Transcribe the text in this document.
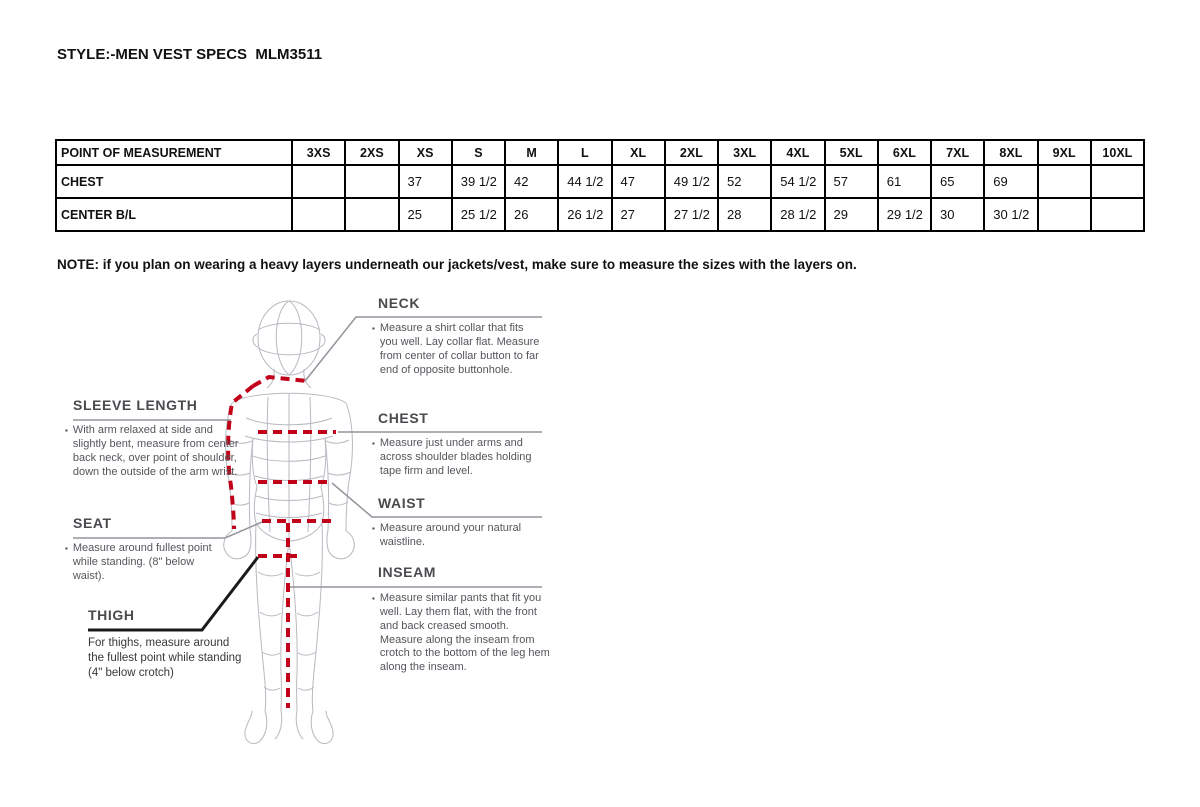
STYLE:-MEN VEST SPECS  MLM3511
POINT OF MEASUREMENT	3XS	2XS	XS	S	M	L	XL	2XL	3XL	4XL	5XL	6XL	7XL	8XL	9XL	10XL
CHEST			37	39 1/2	42	44 1/2	47	49 1/2	52	54 1/2	57	61	65	69		
CENTER B/L			25	25 1/2	26	26 1/2	27	27 1/2	28	28 1/2	29	29 1/2	30	30 1/2		
NOTE: if you plan on wearing a heavy layers underneath our jackets/vest, make sure to measure the sizes with the layers on.
SLEEVE LENGTH
▪ With arm relaxed at side and slightly bent, measure from center back neck, over point of shoulder, down the outside of the arm wrist.
SEAT
▪ Measure around fullest point while standing. (8" below waist).
THIGH
For thighs, measure around the fullest point while standing (4" below crotch)
NECK
▪ Measure a shirt collar that fits you well. Lay collar flat. Measure from center of collar button to far end of opposite buttonhole.
CHEST
▪ Measure just under arms and across shoulder blades holding tape firm and level.
WAIST
▪ Measure around your natural waistline.
INSEAM
▪ Measure similar pants that fit you well. Lay them flat, with the front and back creased smooth. Measure along the inseam from crotch to the bottom of the leg hem along the inseam.
